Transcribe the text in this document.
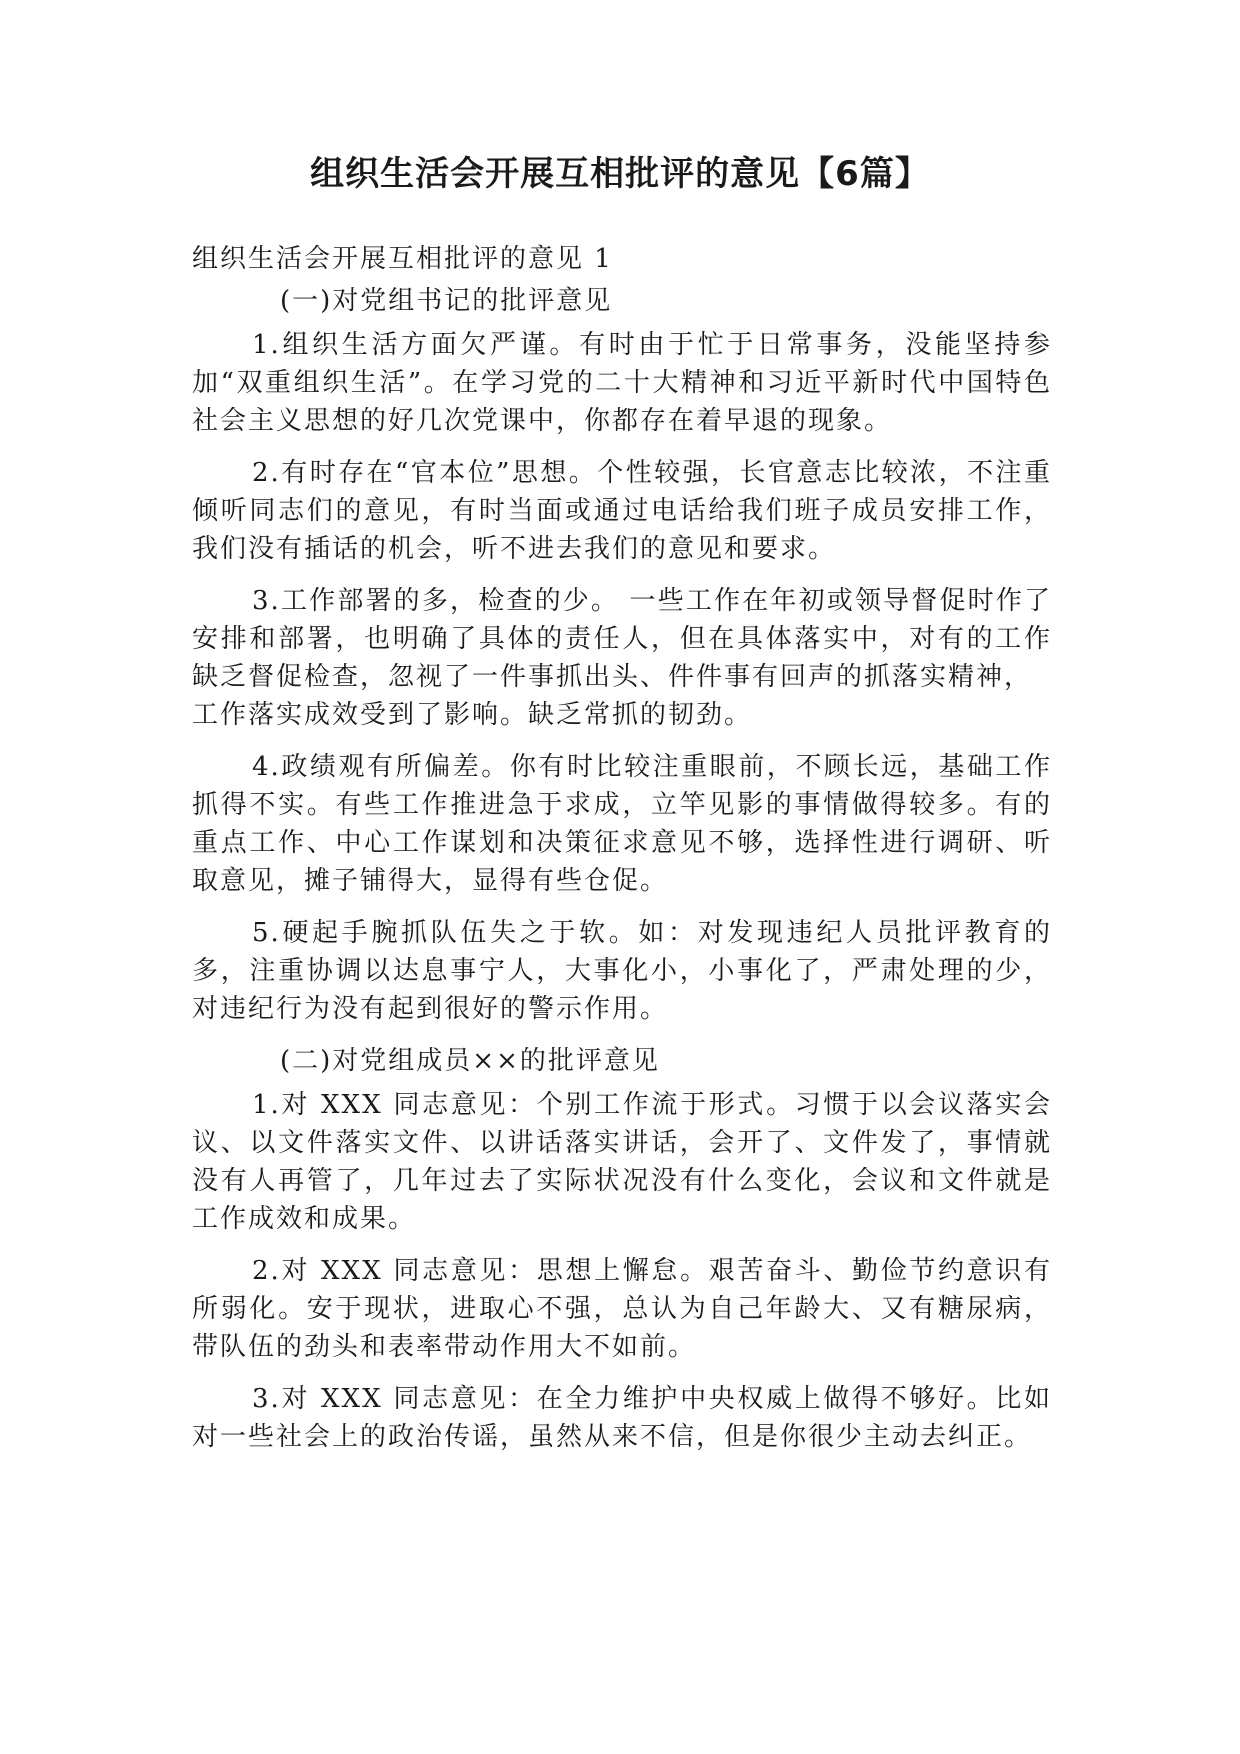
组织生活会开展互相批评的意见【6篇】

组织生活会开展互相批评的意见 1

(一)对党组书记的批评意见

1.组织生活方面欠严谨。有时由于忙于日常事务，没能坚持参加“双重组织生活”。在学习党的二十大精神和习近平新时代中国特色社会主义思想的好几次党课中，你都存在着早退的现象。

2.有时存在“官本位”思想。个性较强，长官意志比较浓，不注重倾听同志们的意见，有时当面或通过电话给我们班子成员安排工作，我们没有插话的机会，听不进去我们的意见和要求。

3.工作部署的多，检查的少。 一些工作在年初或领导督促时作了安排和部署，也明确了具体的责任人，但在具体落实中，对有的工作缺乏督促检查，忽视了一件事抓出头、件件事有回声的抓落实精神，

工作落实成效受到了影响。缺乏常抓的韧劲。

4.政绩观有所偏差。你有时比较注重眼前，不顾长远，基础工作抓得不实。有些工作推进急于求成，立竿见影的事情做得较多。有的重点工作、中心工作谋划和决策征求意见不够，选择性进行调研、听取意见，摊子铺得大，显得有些仓促。

5.硬起手腕抓队伍失之于软。如：对发现违纪人员批评教育的多，注重协调以达息事宁人，大事化小，小事化了，严肃处理的少，对违纪行为没有起到很好的警示作用。

(二)对党组成员××的批评意见

1.对 XXX 同志意见：个别工作流于形式。习惯于以会议落实会 议、以文件落实文件、以讲话落实讲话，会开了、文件发了，事情就 没有人再管了，几年过去了实际状况没有什么变化，会议和文件就是 工作成效和成果。

2.对 XXX 同志意见：思想上懈怠。艰苦奋斗、勤俭节约意识有所弱化。安于现状，进取心不强，总认为自己年龄大、又有糖尿病，带队伍的劲头和表率带动作用大不如前。

3.对 XXX 同志意见：在全力维护中央权威上做得不够好。比如对一些社会上的政治传谣，虽然从来不信，但是你很少主动去纠正。
